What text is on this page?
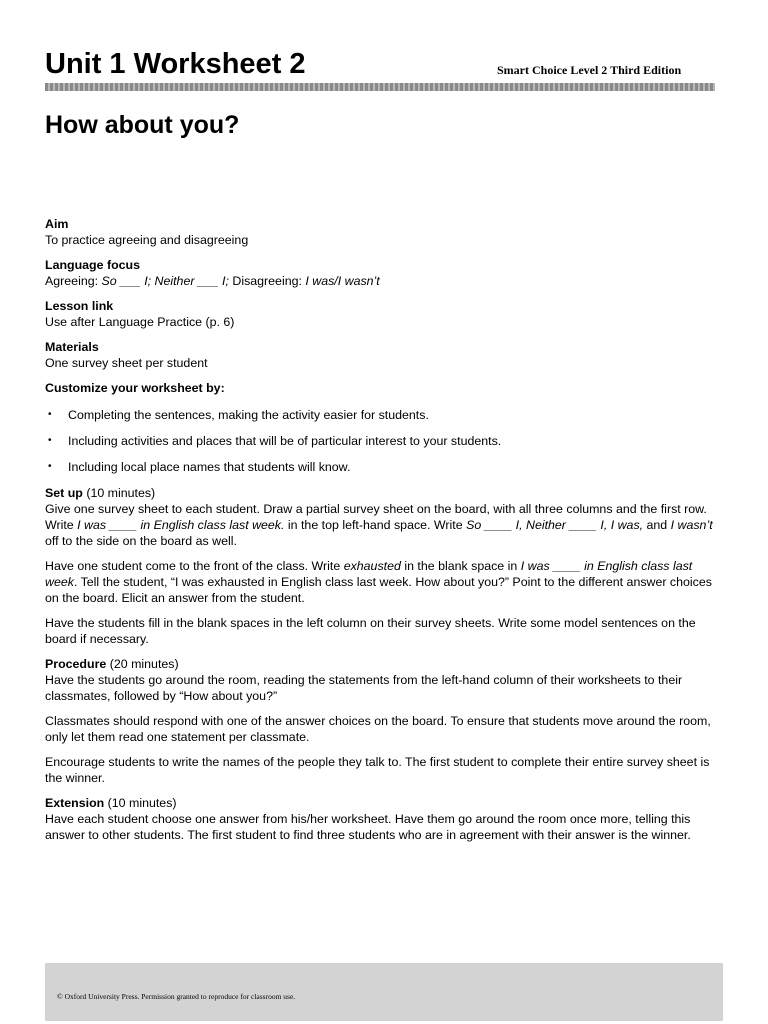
Unit 1 Worksheet 2	Smart Choice Level 2 Third Edition
How about you?
Aim
To practice agreeing and disagreeing
Language focus
Agreeing: So ___ I; Neither ___ I; Disagreeing: I was/I wasn’t
Lesson link
Use after Language Practice (p. 6)
Materials
One survey sheet per student
Customize your worksheet by:
• Completing the sentences, making the activity easier for students.
• Including activities and places that will be of particular interest to your students.
• Including local place names that students will know.

Set up (10 minutes)
Give one survey sheet to each student. Draw a partial survey sheet on the board, with all three columns and the first row. Write I was ____ in English class last week. in the top left-hand space. Write So ____ I, Neither ____ I, I was, and I wasn’t off to the side on the board as well.

Have one student come to the front of the class. Write exhausted in the blank space in I was ____ in English class last week. Tell the student, “I was exhausted in English class last week. How about you?” Point to the different answer choices on the board. Elicit an answer from the student.

Have the students fill in the blank spaces in the left column on their survey sheets. Write some model sentences on the board if necessary.

Procedure (20 minutes)
Have the students go around the room, reading the statements from the left-hand column of their worksheets to their classmates, followed by “How about you?”

Classmates should respond with one of the answer choices on the board. To ensure that students move around the room, only let them read one statement per classmate.

Encourage students to write the names of the people they talk to. The first student to complete their entire survey sheet is the winner.

Extension (10 minutes)
Have each student choose one answer from his/her worksheet. Have them go around the room once more, telling this answer to other students. The first student to find three students who are in agreement with their answer is the winner.

© Oxford University Press. Permission granted to reproduce for classroom use.
